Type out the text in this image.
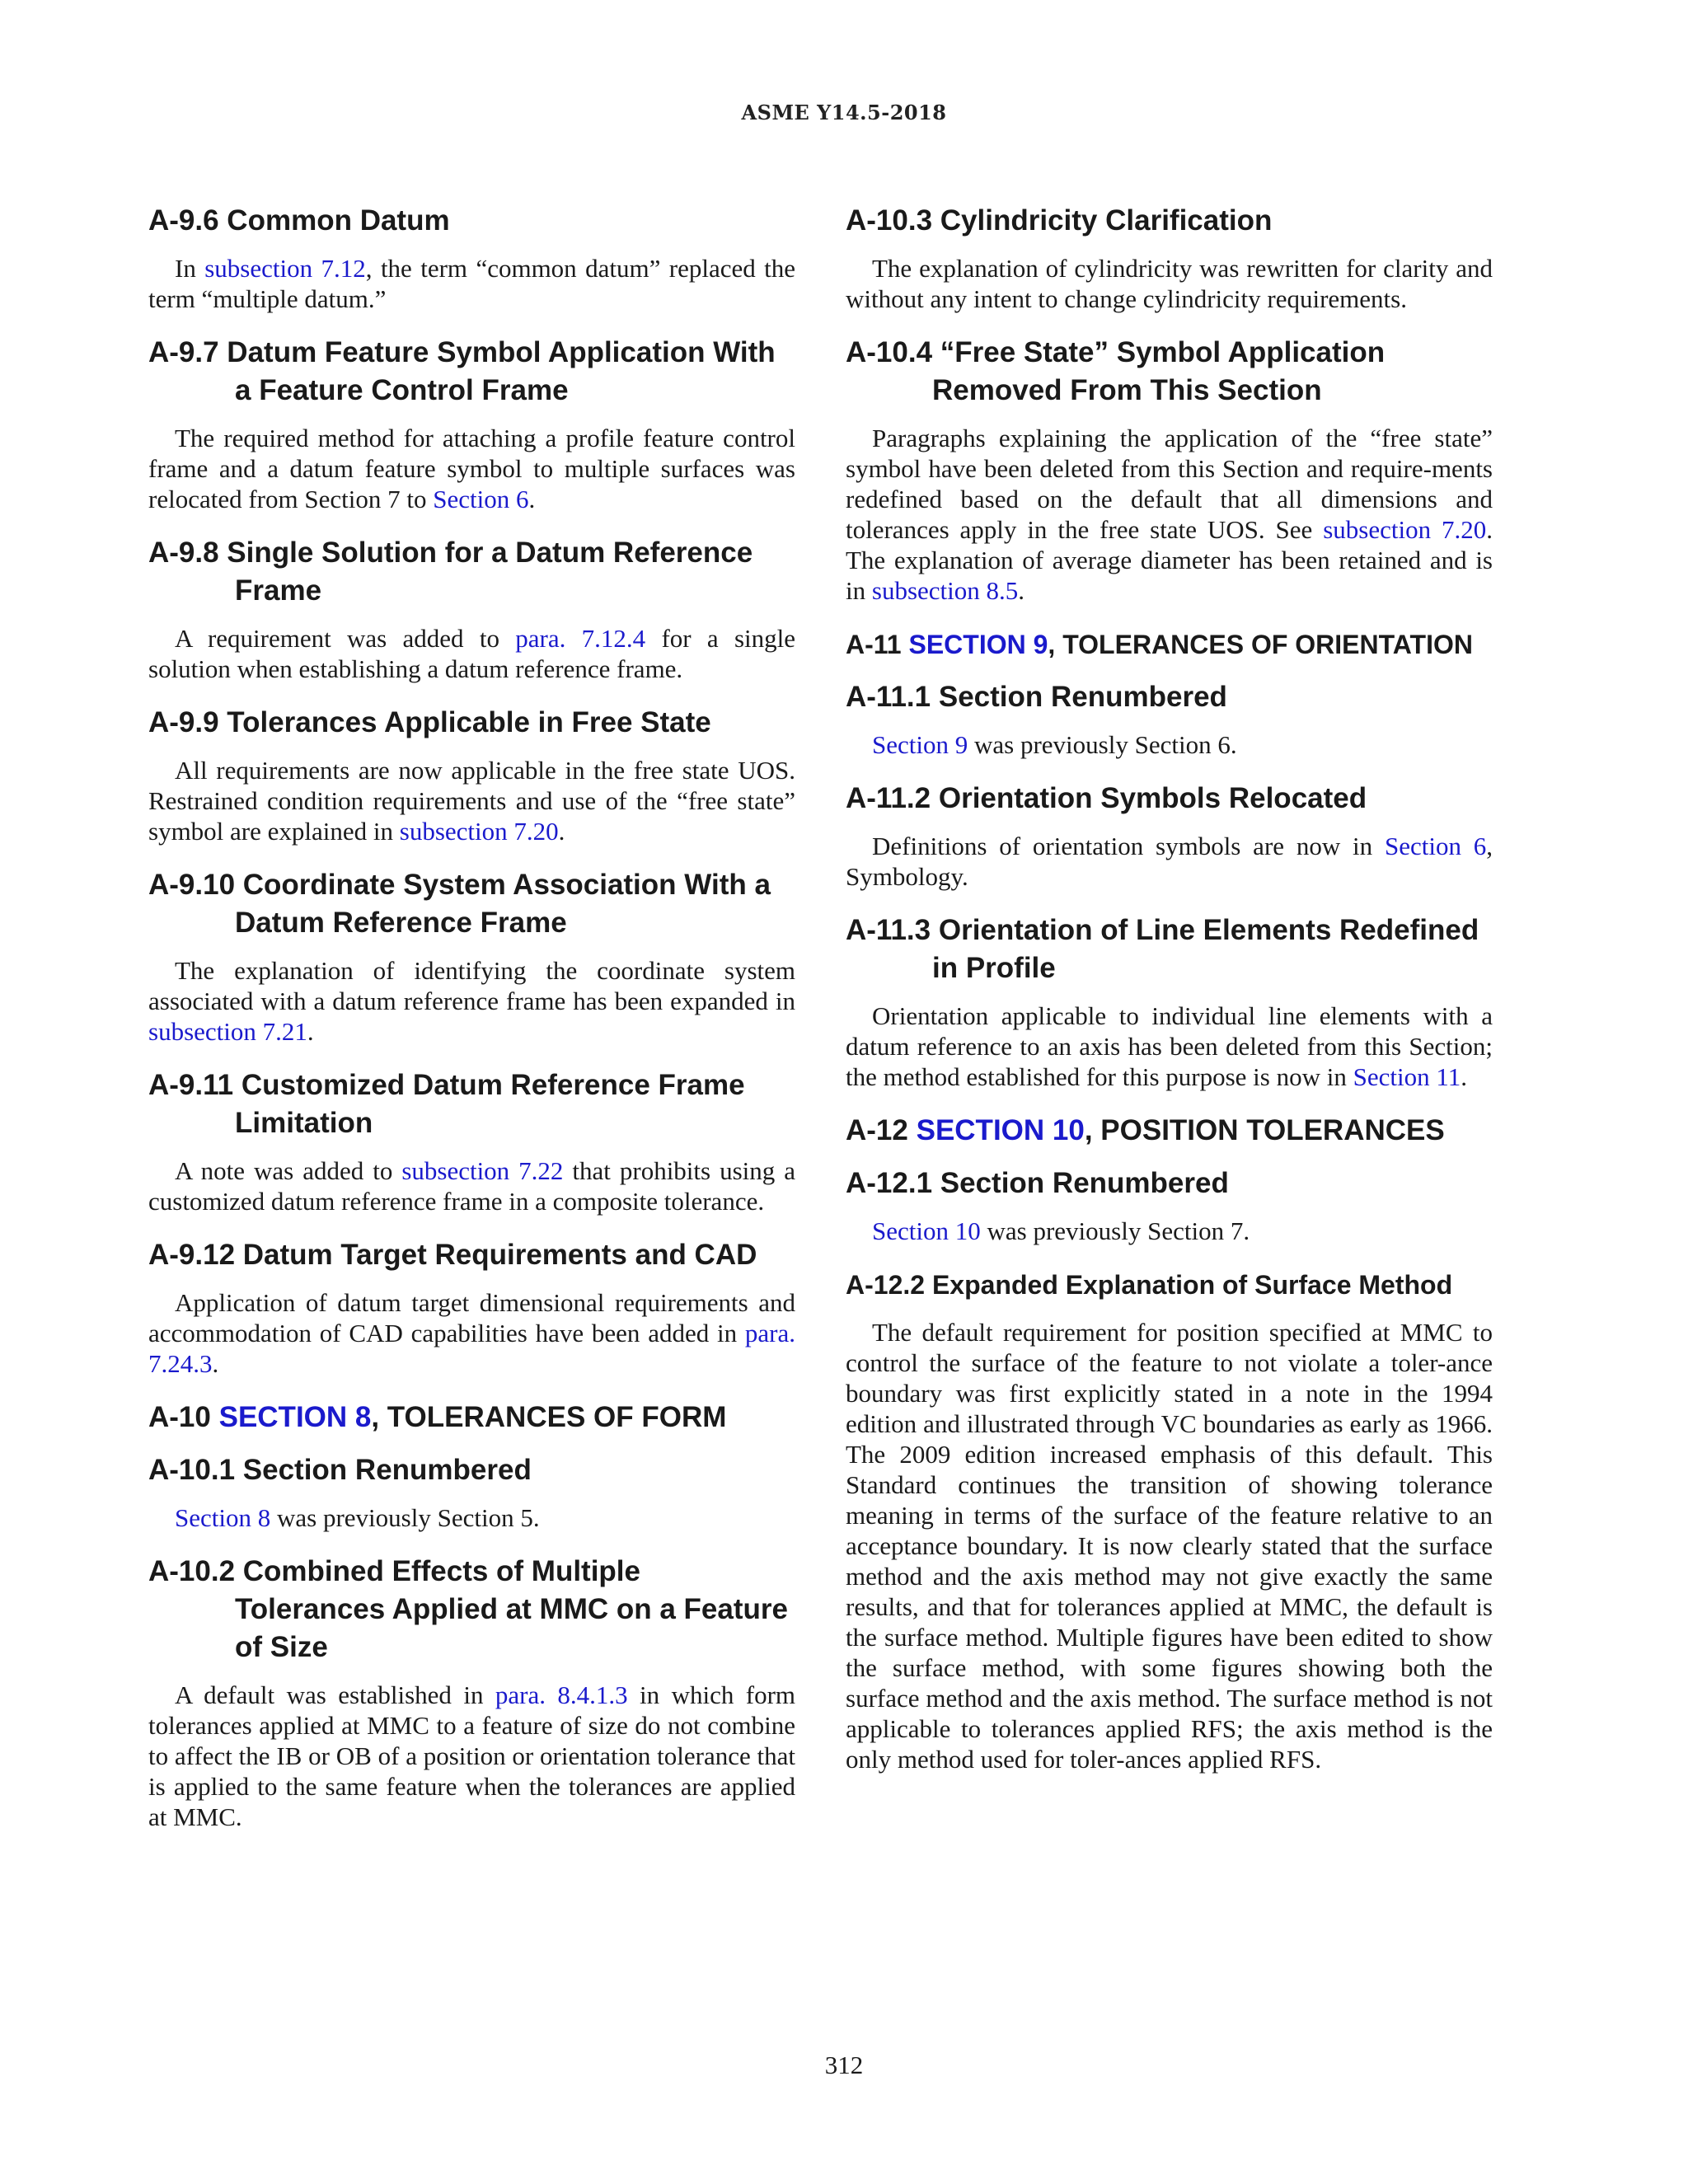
ASME Y14.5-2018
A-9.6 Common Datum

In subsection 7.12, the term “common datum” replaced the term “multiple datum.”

A-9.7 Datum Feature Symbol Application With a Feature Control Frame

The required method for attaching a profile feature control frame and a datum feature symbol to multiple surfaces was relocated from Section 7 to Section 6.

A-9.8 Single Solution for a Datum Reference Frame

A requirement was added to para. 7.12.4 for a single solution when establishing a datum reference frame.

A-9.9 Tolerances Applicable in Free State

All requirements are now applicable in the free state UOS. Restrained condition requirements and use of the “free state” symbol are explained in subsection 7.20.

A-9.10 Coordinate System Association With a Datum Reference Frame

The explanation of identifying the coordinate system associated with a datum reference frame has been expanded in subsection 7.21.

A-9.11 Customized Datum Reference Frame Limitation

A note was added to subsection 7.22 that prohibits using a customized datum reference frame in a composite tolerance.

A-9.12 Datum Target Requirements and CAD

Application of datum target dimensional requirements and accommodation of CAD capabilities have been added in para. 7.24.3.

A-10 SECTION 8, TOLERANCES OF FORM
A-10.1 Section Renumbered

Section 8 was previously Section 5.

A-10.2 Combined Effects of Multiple Tolerances Applied at MMC on a Feature of Size

A default was established in para. 8.4.1.3 in which form tolerances applied at MMC to a feature of size do not combine to affect the IB or OB of a position or orientation tolerance that is applied to the same feature when the tolerances are applied at MMC.

A-10.3 Cylindricity Clarification

The explanation of cylindricity was rewritten for clarity and without any intent to change cylindricity requirements.

A-10.4 “Free State” Symbol Application Removed From This Section

Paragraphs explaining the application of the “free state” symbol have been deleted from this Section and require-ments redefined based on the default that all dimensions and tolerances apply in the free state UOS. See subsection 7.20. The explanation of average diameter has been retained and is in subsection 8.5.

A-11 SECTION 9, TOLERANCES OF ORIENTATION
A-11.1 Section Renumbered

Section 9 was previously Section 6.

A-11.2 Orientation Symbols Relocated

Definitions of orientation symbols are now in Section 6, Symbology.

A-11.3 Orientation of Line Elements Redefined in Profile

Orientation applicable to individual line elements with a datum reference to an axis has been deleted from this Section; the method established for this purpose is now in Section 11.

A-12 SECTION 10, POSITION TOLERANCES
A-12.1 Section Renumbered

Section 10 was previously Section 7.

A-12.2 Expanded Explanation of Surface Method

The default requirement for position specified at MMC to control the surface of the feature to not violate a toler-ance boundary was first explicitly stated in a note in the 1994 edition and illustrated through VC boundaries as early as 1966. The 2009 edition increased emphasis of this default. This Standard continues the transition of showing tolerance meaning in terms of the surface of the feature relative to an acceptance boundary. It is now clearly stated that the surface method and the axis method may not give exactly the same results, and that for tolerances applied at MMC, the default is the surface method. Multiple figures have been edited to show the surface method, with some figures showing both the surface method and the axis method. The surface method is not applicable to tolerances applied RFS; the axis method is the only method used for toler-ances applied RFS.

312
